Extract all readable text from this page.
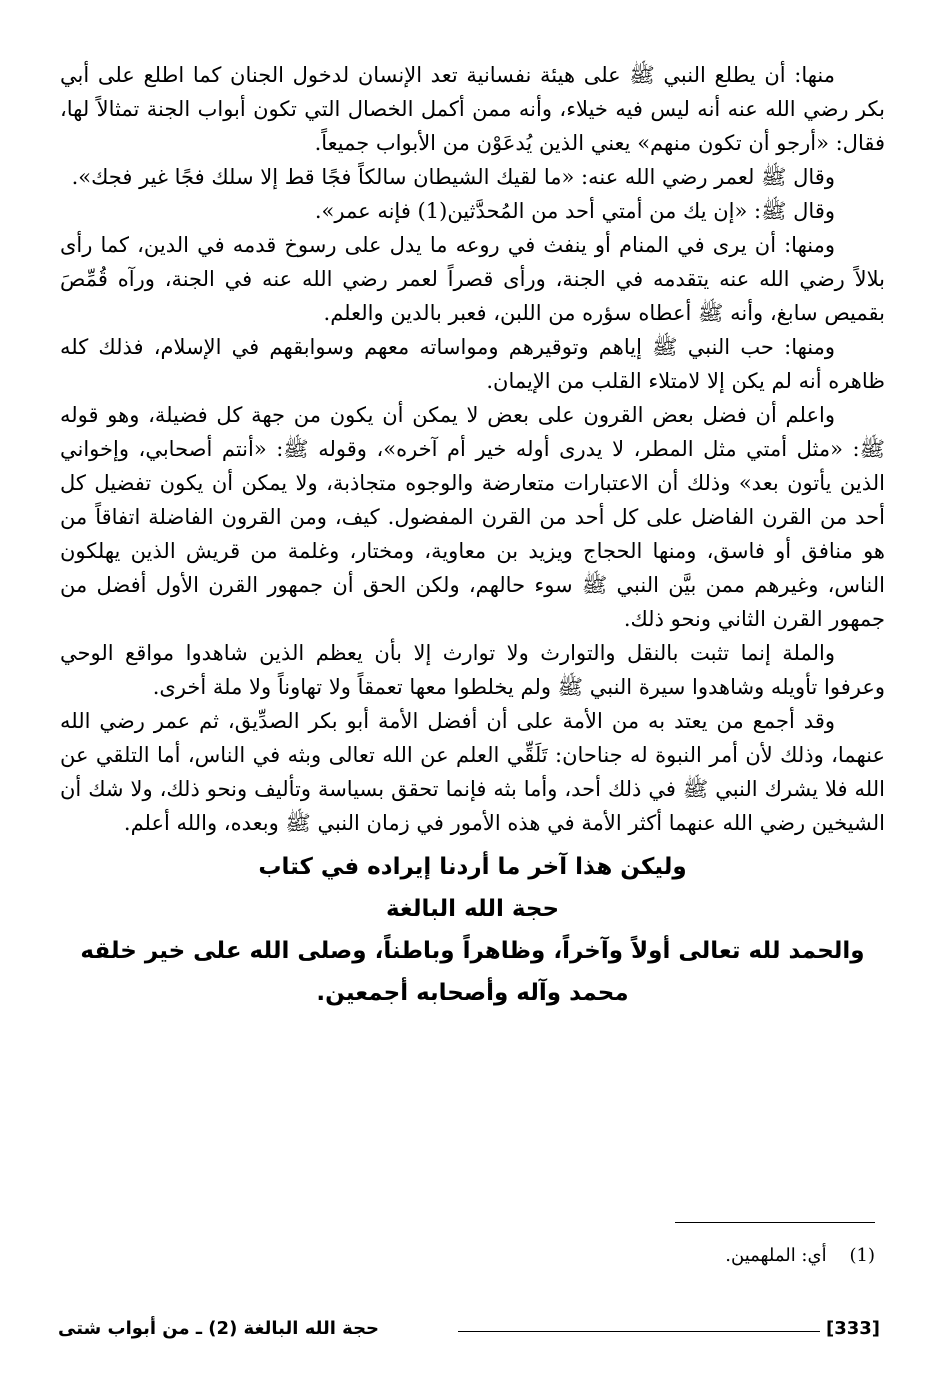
منها: أن يطلع النبي ﷺ على هيئة نفسانية تعد الإنسان لدخول الجنان كما اطلع على أبي بكر رضي الله عنه أنه ليس فيه خيلاء، وأنه ممن أكمل الخصال التي تكون أبواب الجنة تمثالاً لها، فقال: «أرجو أن تكون منهم» يعني الذين يُدعَوْن من الأبواب جميعاً.

وقال ﷺ لعمر رضي الله عنه: «ما لقيك الشيطان سالكاً فجًا قط إلا سلك فجًا غير فجك».

وقال ﷺ: «إن يك من أمتي أحد من المُحدَّثين(1) فإنه عمر».

ومنها: أن يرى في المنام أو ينفث في روعه ما يدل على رسوخ قدمه في الدين، كما رأى بلالاً رضي الله عنه يتقدمه في الجنة، ورأى قصراً لعمر رضي الله عنه في الجنة، ورآه قُمِّصَ بقميص سابغ، وأنه ﷺ أعطاه سؤره من اللبن، فعبر بالدين والعلم.

ومنها: حب النبي ﷺ إياهم وتوقيرهم ومواساته معهم وسوابقهم في الإسلام، فذلك كله ظاهره أنه لم يكن إلا لامتلاء القلب من الإيمان.

واعلم أن فضل بعض القرون على بعض لا يمكن أن يكون من جهة كل فضيلة، وهو قوله ﷺ: «مثل أمتي مثل المطر، لا يدرى أوله خير أم آخره»، وقوله ﷺ: «أنتم أصحابي، وإخواني الذين يأتون بعد» وذلك أن الاعتبارات متعارضة والوجوه متجاذبة، ولا يمكن أن يكون تفضيل كل أحد من القرن الفاضل على كل أحد من القرن المفضول. كيف، ومن القرون الفاضلة اتفاقاً من هو منافق أو فاسق، ومنها الحجاج ويزيد بن معاوية، ومختار، وغلمة من قريش الذين يهلكون الناس، وغيرهم ممن بيَّن النبي ﷺ سوء حالهم، ولكن الحق أن جمهور القرن الأول أفضل من جمهور القرن الثاني ونحو ذلك.

والملة إنما تثبت بالنقل والتوارث ولا توارث إلا بأن يعظم الذين شاهدوا مواقع الوحي وعرفوا تأويله وشاهدوا سيرة النبي ﷺ ولم يخلطوا معها تعمقاً ولا تهاوناً ولا ملة أخرى.

وقد أجمع من يعتد به من الأمة على أن أفضل الأمة أبو بكر الصدِّيق، ثم عمر رضي الله عنهما، وذلك لأن أمر النبوة له جناحان: تَلَقِّي العلم عن الله تعالى وبثه في الناس، أما التلقي عن الله فلا يشرك النبي ﷺ في ذلك أحد، وأما بثه فإنما تحقق بسياسة وتأليف ونحو ذلك، ولا شك أن الشيخين رضي الله عنهما أكثر الأمة في هذه الأمور في زمان النبي ﷺ وبعده، والله أعلم.

وليكن هذا آخر ما أردنا إيراده في كتاب
حجة الله البالغة
والحمد لله تعالى أولاً وآخراً، وظاهراً وباطناً، وصلى الله على خير خلقه
محمد وآله وأصحابه أجمعين.
(1)    أي: الملهمين.
[333]
حجة الله البالغة (2) ـ من أبواب شتى
